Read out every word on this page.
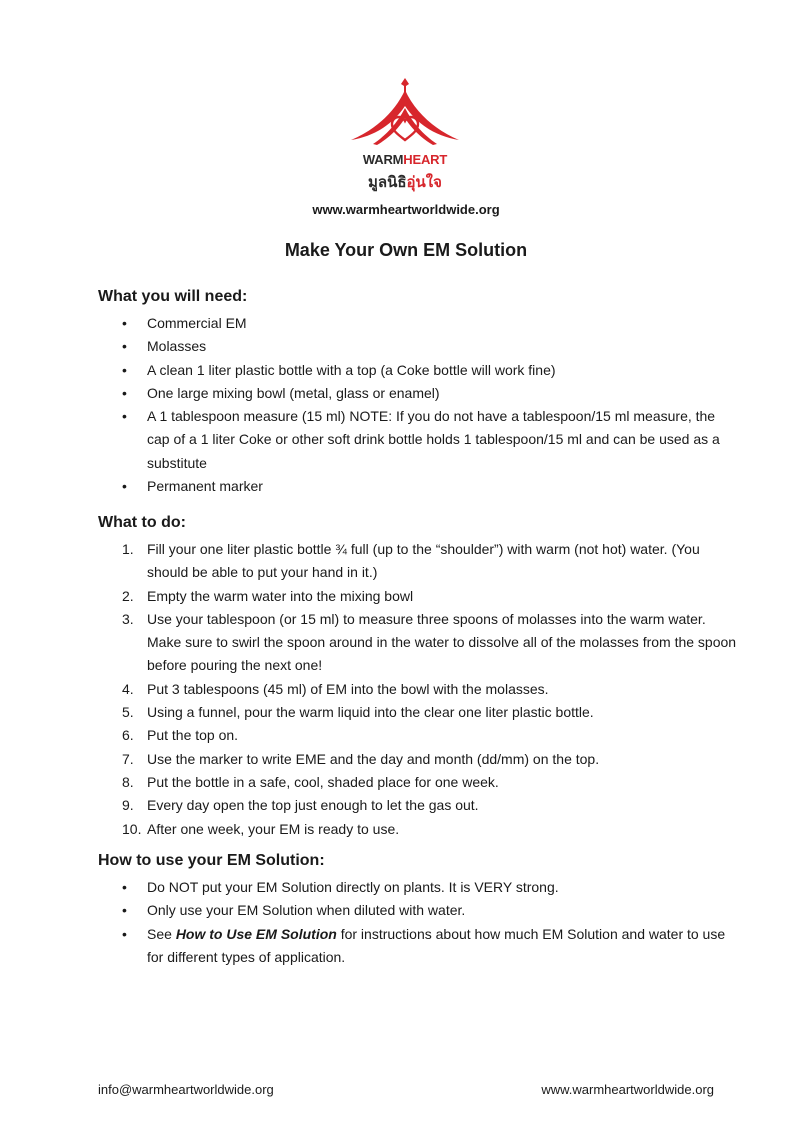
WARMHEART
มูลนิธิอุ่นใจ
www.warmheartworldwide.org
Make Your Own EM Solution
What you will need:
• Commercial EM
• Molasses
• A clean 1 liter plastic bottle with a top (a Coke bottle will work fine)
• One large mixing bowl (metal, glass or enamel)
• A 1 tablespoon measure (15 ml) NOTE: If you do not have a tablespoon/15 ml measure, the cap of a 1 liter Coke or other soft drink bottle holds 1 tablespoon/15 ml and can be used as a substitute
• Permanent marker
What to do:
1. Fill your one liter plastic bottle ¾ full (up to the “shoulder”) with warm (not hot) water. (You should be able to put your hand in it.)
2. Empty the warm water into the mixing bowl
3. Use your tablespoon (or 15 ml) to measure three spoons of molasses into the warm water. Make sure to swirl the spoon around in the water to dissolve all of the molasses from the spoon before pouring the next one!
4. Put 3 tablespoons (45 ml) of EM into the bowl with the molasses.
5. Using a funnel, pour the warm liquid into the clear one liter plastic bottle.
6. Put the top on.
7. Use the marker to write EME and the day and month (dd/mm) on the top.
8. Put the bottle in a safe, cool, shaded place for one week.
9. Every day open the top just enough to let the gas out.
10. After one week, your EM is ready to use.
How to use your EM Solution:
• Do NOT put your EM Solution directly on plants. It is VERY strong.
• Only use your EM Solution when diluted with water.
• See How to Use EM Solution for instructions about how much EM Solution and water to use for different types of application.
info@warmheartworldwide.org	www.warmheartworldwide.org
